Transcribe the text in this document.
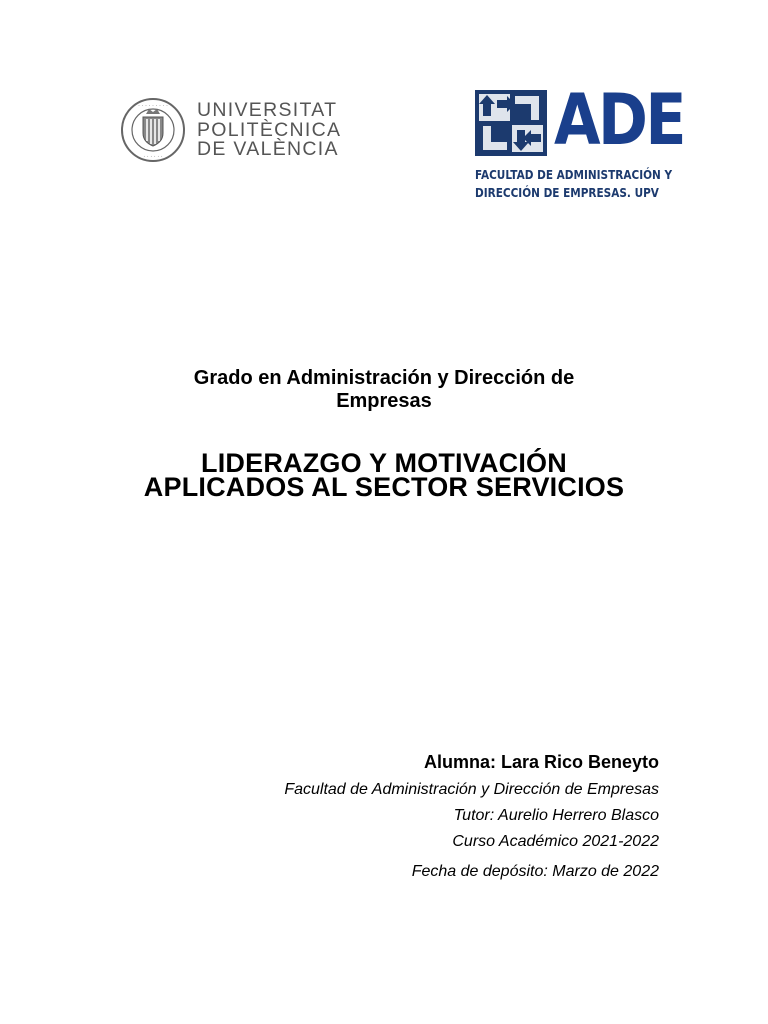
· · · · · · · · ·
· · · · · ·
UNIVERSITAT
POLITÈCNICA
DE VALÈNCIA	ADE
FACULTAD DE ADMINISTRACIÓN Y
DIRECCIÓN DE EMPRESAS. UPV
Grado en Administración y Dirección de
Empresas
LIDERAZGO Y MOTIVACIÓN
APLICADOS AL SECTOR SERVICIOS
Alumna: Lara Rico Beneyto
Facultad de Administración y Dirección de Empresas
Tutor: Aurelio Herrero Blasco
Curso Académico 2021-2022
Fecha de depósito: Marzo de 2022
